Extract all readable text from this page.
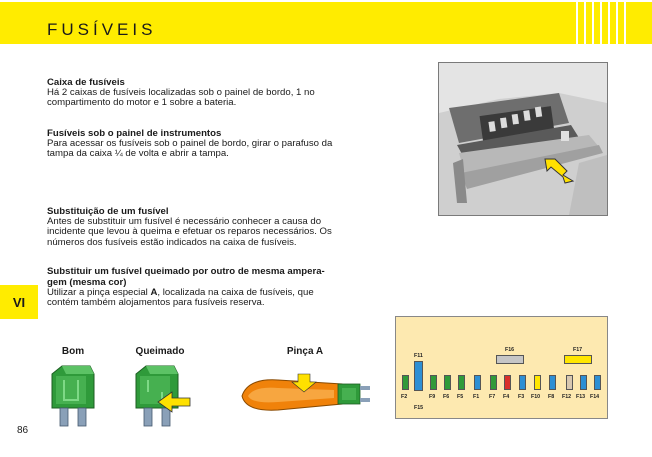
FUSÍVEIS
Caixa de fusíveis
Há 2 caixas de fusíveis localizadas sob o painel de bordo, 1 no
compartimento do motor e 1 sobre a bateria.
Fusíveis sob o painel de instrumentos
Para acessar os fusíveis sob o painel de bordo, girar o parafuso da
tampa da caixa ¼ de volta e abrir a tampa.
Substituição de um fusível
Antes de substituir um fusível é necessário conhecer a causa do
incidente que levou à queima e efetuar os reparos necessários. Os
números dos fusíveis estão indicados na caixa de fusíveis.
Substituir um fusível queimado por outro de mesma ampera-
gem (mesma cor)
Utilizar a pinça especial A, localizada na caixa de fusíveis, que
contém também alojamentos para fusíveis reserva.
VI
86
Bom	Queimado	Pinça A	F11
F16	F17
F2	F9 F6 F5 F1 F7 F4 F3 F10 F8 F12 F13 F14
F15
